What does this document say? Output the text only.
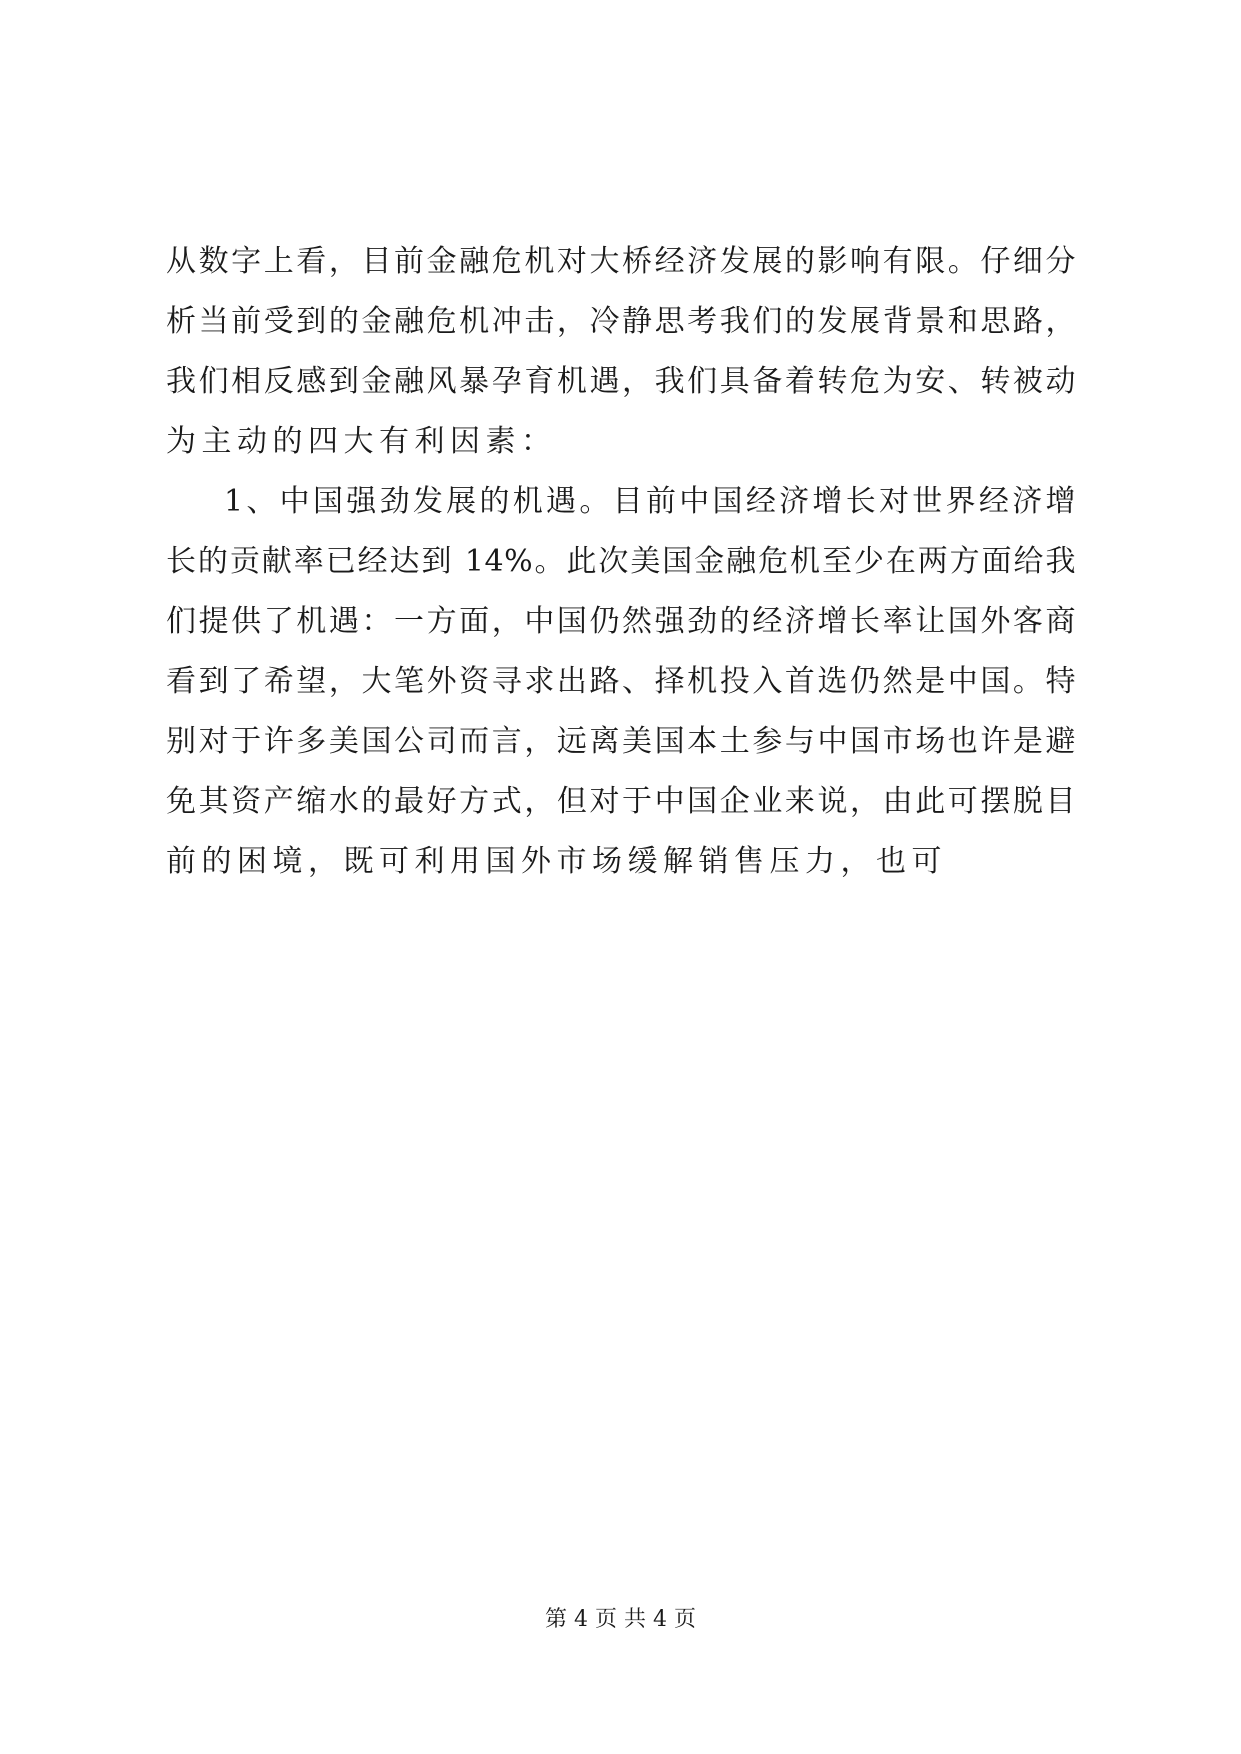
从数字上看，目前金融危机对大桥经济发展的影响有限。仔细分
析当前受到的金融危机冲击，冷静思考我们的发展背景和思路，
我们相反感到金融风暴孕育机遇，我们具备着转危为安、转被动
为主动的四大有利因素：
1、中国强劲发展的机遇。目前中国经济增长对世界经济增
长的贡献率已经达到 14%。此次美国金融危机至少在两方面给我
们提供了机遇：一方面，中国仍然强劲的经济增长率让国外客商
看到了希望，大笔外资寻求出路、择机投入首选仍然是中国。特
别对于许多美国公司而言，远离美国本土参与中国市场也许是避
免其资产缩水的最好方式，但对于中国企业来说，由此可摆脱目
前的困境，既可利用国外市场缓解销售压力，也可
第 4 页 共 4 页
